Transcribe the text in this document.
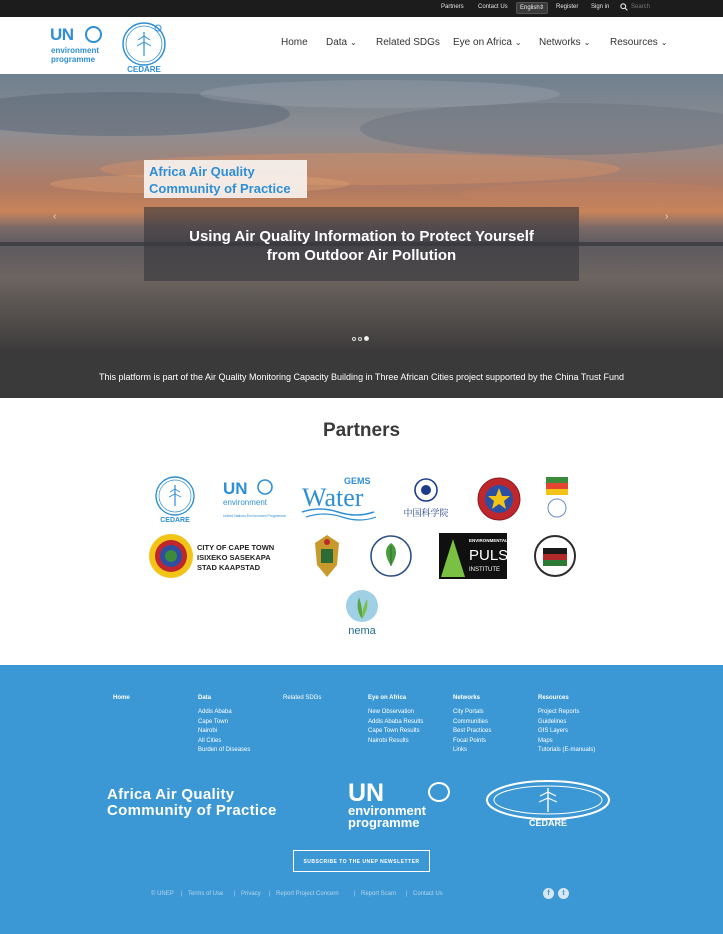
Partners Contact Us	English ⇕ Register Sign in	Search
UN
environment
programme
CEDARE
Home Data ⌄ Related SDGs Eye on Africa ⌄ Networks ⌄ Resources ⌄
Africa Air Quality
Community of Practice
Using Air Quality Information to Protect Yourself
from Outdoor Air Pollution
‹	›
This platform is part of the Air Quality Monitoring Capacity Building in Three African Cities project supported by the China Trust Fund
Partners
CEDARE
UN
environment
United Nations Environment Programme
GEMS
Water
中国科学院
CITY OF CAPE TOWN
ISIXEKO SASEKAPA
STAD KAAPSTAD
ENVIRONMENTAL
PULSE
INSTITUTE
nema
Home	Data
Addis Ababa
Cape Town
Nairobi
All Cities
Burden of Diseases
Related SDGs	Eye on Africa
New Observation
Addis Ababa Results
Cape Town Results
Nairobi Results
Networks
City Portals
Communities
Best Practices
Focal Points
Links
Resources
Project Reports
Guidelines
GIS Layers
Maps
Tutorials (E-manuals)
Africa Air Quality
Community of Practice
UN
environment
programme	CEDARE
SUBSCRIBE TO THE UNEP NEWSLETTER
© UNEP | Terms of Use | Privacy | Report Project Concern	| Report Scam | Contact Us	f	t
